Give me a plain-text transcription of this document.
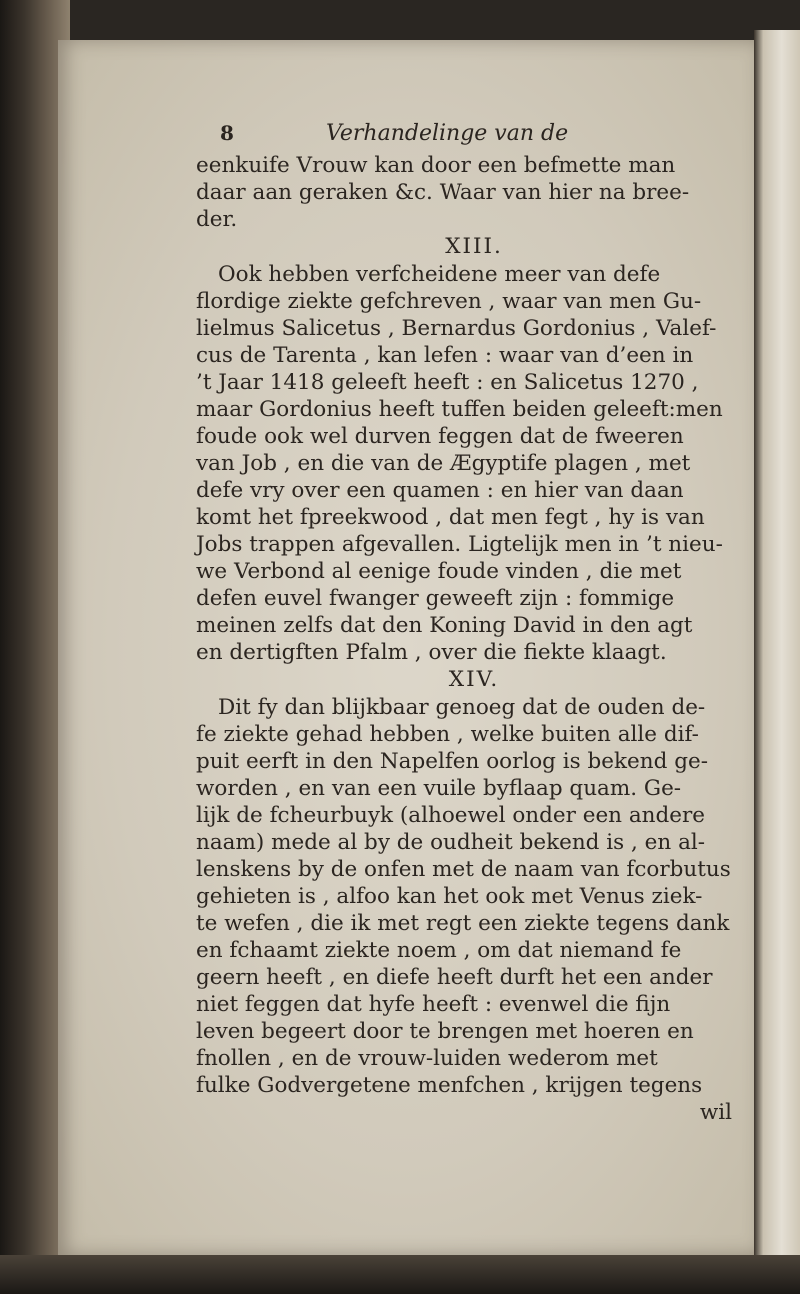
8	Verhandelinge van de
eenkuife Vrouw kan door een befmette man
daar aan geraken &c. Waar van hier na bree-
der.
XIII.
Ook hebben verfcheidene meer van defe
flordige ziekte gefchreven , waar van men Gu-
lielmus Salicetus , Bernardus Gordonius , Valef-
cus de Tarenta , kan lefen : waar van d’een in
’t Jaar 1418 geleeft heeft : en Salicetus 1270 ,
maar Gordonius heeft tuffen beiden geleeft:men
foude ook wel durven feggen dat de fweeren
van Job , en die van de Ægyptife plagen , met
defe vry over een quamen : en hier van daan
komt het fpreekwood , dat men fegt , hy is van
Jobs trappen afgevallen. Ligtelijk men in ’t nieu-
we Verbond al eenige foude vinden , die met
defen euvel fwanger geweeft zijn : fommige
meinen zelfs dat den Koning David in den agt
en dertigften Pfalm , over die fiekte klaagt.
XIV.
Dit fy dan blijkbaar genoeg dat de ouden de-
fe ziekte gehad hebben , welke buiten alle dif-
puit eerft in den Napelfen oorlog is bekend ge-
worden , en van een vuile byflaap quam. Ge-
lijk de fcheurbuyk (alhoewel onder een andere
naam) mede al by de oudheit bekend is , en al-
lenskens by de onfen met de naam van fcorbutus
gehieten is , alfoo kan het ook met Venus ziek-
te wefen , die ik met regt een ziekte tegens dank
en fchaamt ziekte noem , om dat niemand fe
geern heeft , en diefe heeft durft het een ander
niet feggen dat hyfe heeft : evenwel die fijn
leven begeert door te brengen met hoeren en
fnollen , en de vrouw-luiden wederom met
fulke Godvergetene menfchen , krijgen tegens
wil
